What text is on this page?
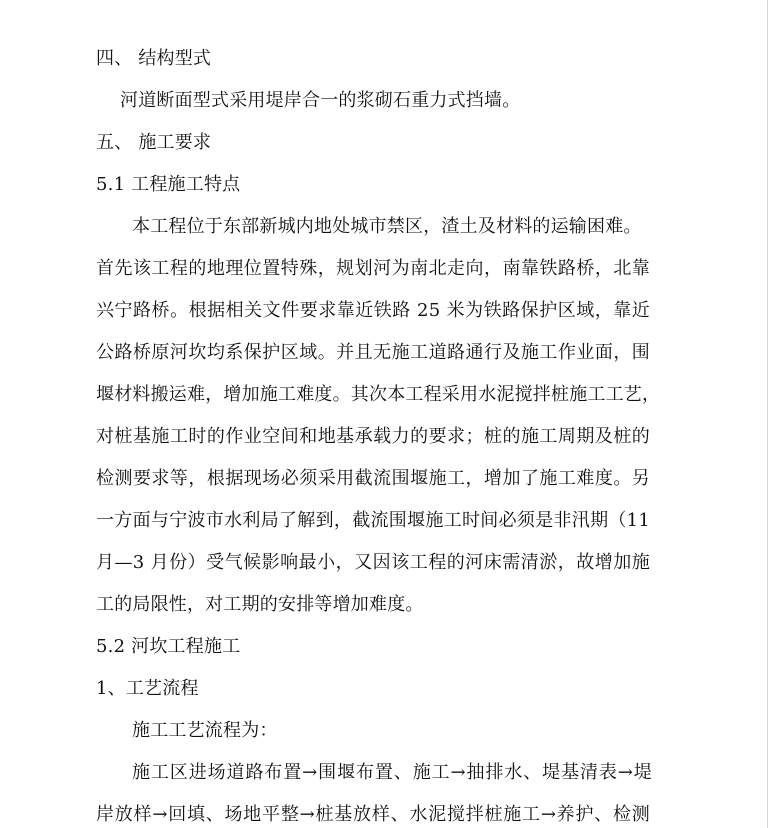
四、 结构型式
河道断面型式采用堤岸合一的浆砌石重力式挡墙。
五、 施工要求
5.1 工程施工特点
本工程位于东部新城内地处城市禁区，渣土及材料的运输困难。
首先该工程的地理位置特殊，规划河为南北走向，南靠铁路桥，北靠
兴宁路桥。根据相关文件要求靠近铁路 25 米为铁路保护区域，靠近
公路桥原河坎均系保护区域。并且无施工道路通行及施工作业面，围
堰材料搬运难，增加施工难度。其次本工程采用水泥搅拌桩施工工艺，
对桩基施工时的作业空间和地基承载力的要求；桩的施工周期及桩的
检测要求等，根据现场必须采用截流围堰施工，增加了施工难度。另
一方面与宁波市水利局了解到，截流围堰施工时间必须是非汛期（11
月—3 月份）受气候影响最小，又因该工程的河床需清淤，故增加施
工的局限性，对工期的安排等增加难度。
5.2 河坎工程施工
1、工艺流程
施工工艺流程为：
施工区进场道路布置→围堰布置、施工→抽排水、堤基清表→堤
岸放样→回填、场地平整→桩基放样、水泥搅拌桩施工→养护、检测
